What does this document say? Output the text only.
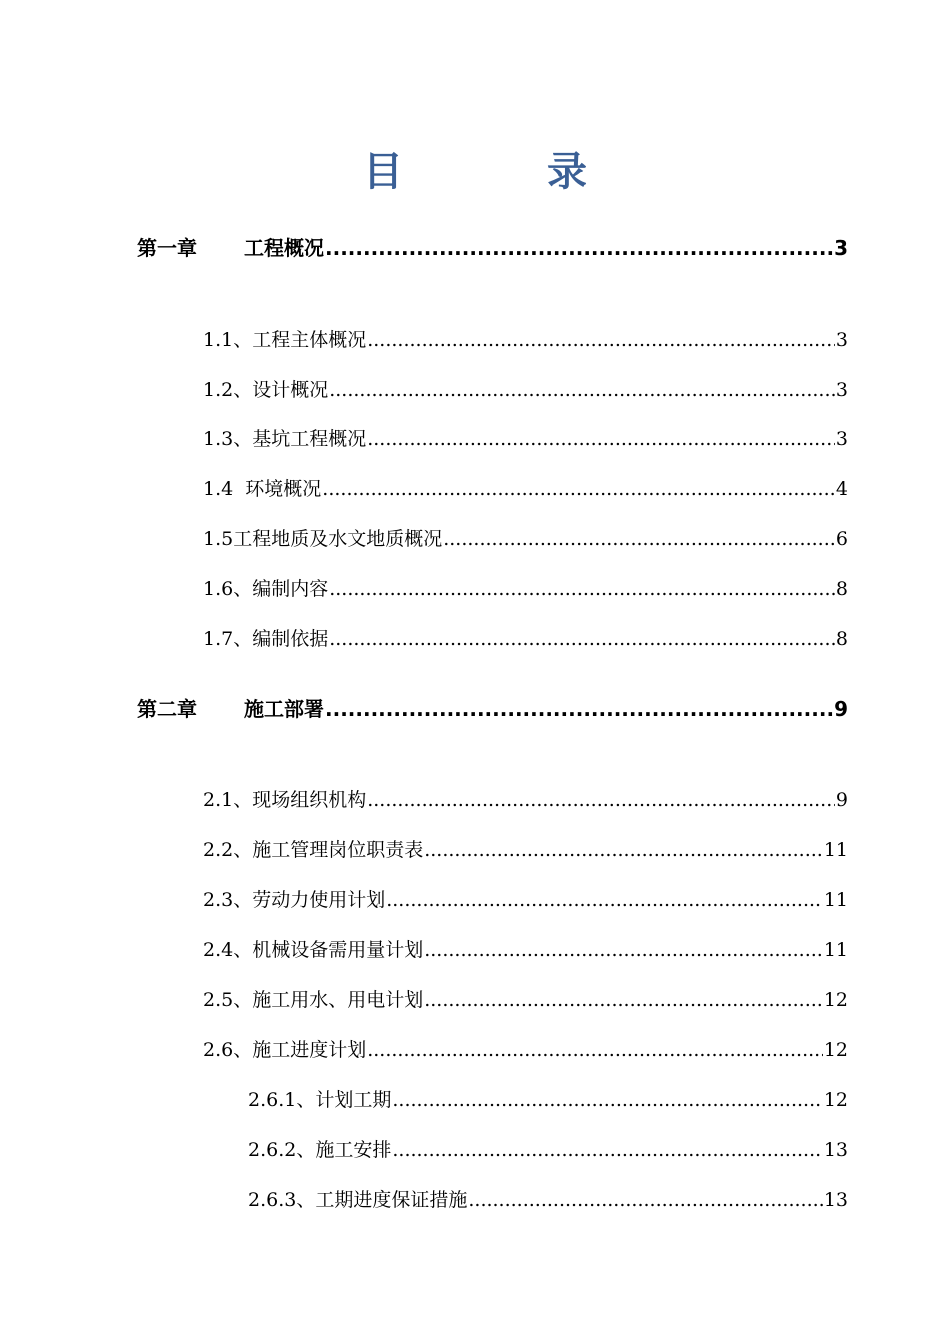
目　录
第一章 工程概况 .....	3
1.1、工程主体概况 .....	3
1.2、设计概况 .....	3
1.3、基坑工程概况 .....	3
1.4  环境概况 .....	4
1.5工程地质及水文地质概况 .....	6
1.6、编制内容 .....	8
1.7、编制依据 .....	8
第二章 施工部署 .....	9
2.1、现场组织机构 .....	9
2.2、施工管理岗位职责表 .....	11
2.3、劳动力使用计划 .....	11
2.4、机械设备需用量计划 .....	11
2.5、施工用水、用电计划 .....	12
2.6、施工进度计划 .....	12
2.6.1、计划工期 .....	12
2.6.2、施工安排 .....	13
2.6.3、工期进度保证措施 .....	13
